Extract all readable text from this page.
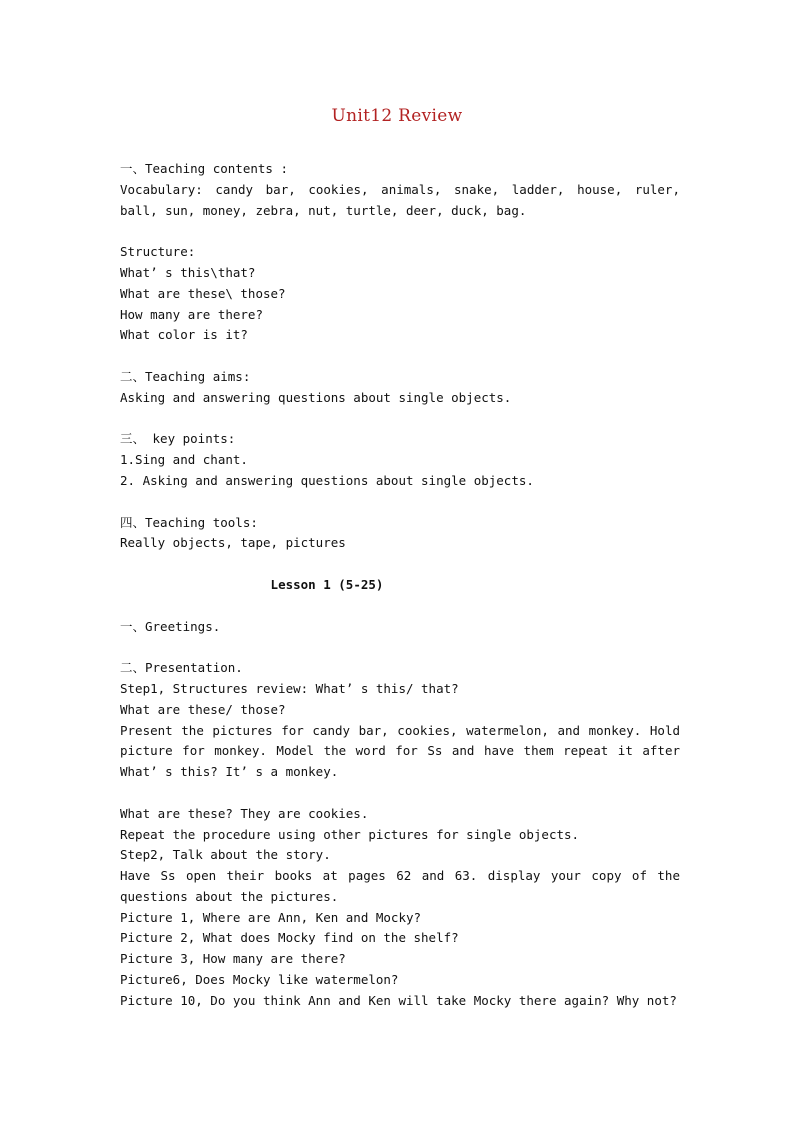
Unit12 Review
一、Teaching contents :
Vocabulary: candy bar, cookies, animals, snake, ladder, house, ruler,
ball, sun, money, zebra, nut, turtle, deer, duck, bag.
Structure:
What’ s this\that?
What are these\ those?
How many are there?
What color is it?
二、Teaching aims:
Asking and answering questions about single objects.
三、 key points:
1.Sing and chant.
2. Asking and answering questions about single objects.
四、Teaching tools:
Really objects, tape, pictures
Lesson 1 (5-25)
一、Greetings.
二、Presentation.
Step1, Structures review: What’ s this/ that?
What are these/ those?
Present the pictures for candy bar, cookies, watermelon, and monkey. Hold
picture for monkey. Model the word for Ss and have them repeat it after
What’ s this? It’ s a monkey.
What are these? They are cookies.
Repeat the procedure using other pictures for single objects.
Step2, Talk about the story.
Have Ss open their books at pages 62 and 63. display your copy of the
questions about the pictures.
Picture 1, Where are Ann, Ken and Mocky?
Picture 2, What does Mocky find on the shelf?
Picture 3, How many are there?
Picture6, Does Mocky like watermelon?
Picture 10, Do you think Ann and Ken will take Mocky there again? Why not?
